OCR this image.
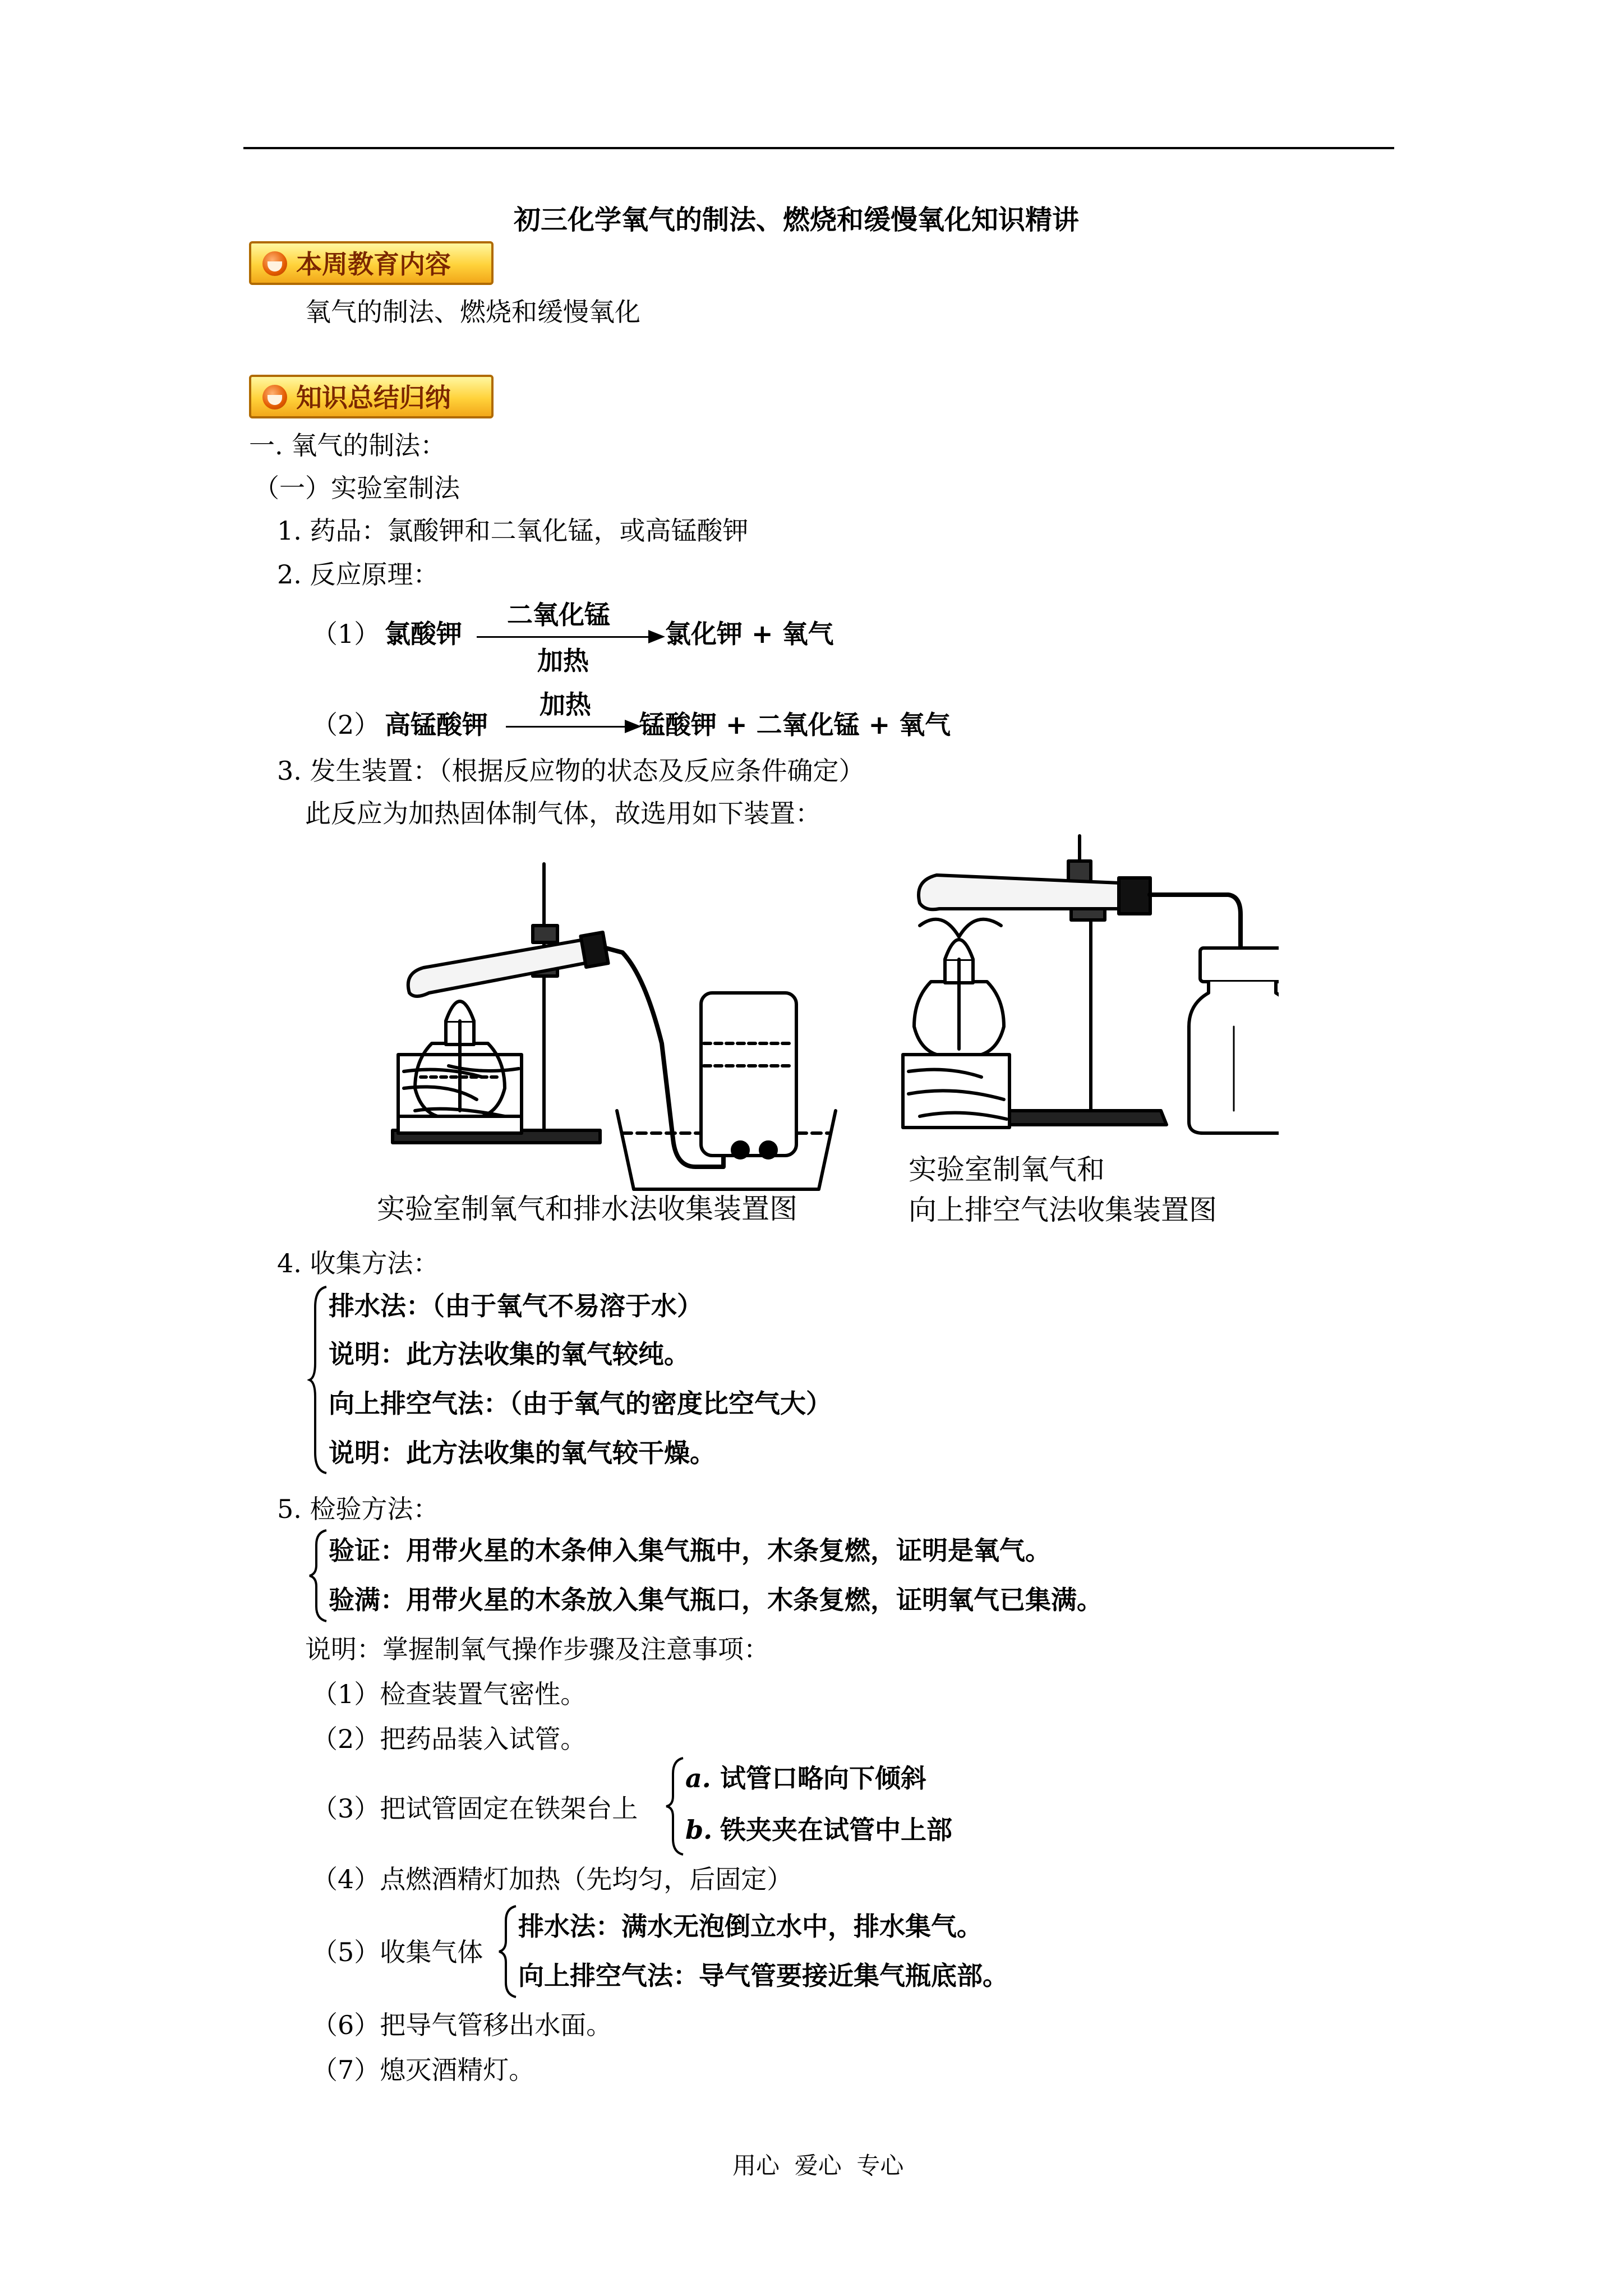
初三化学氧气的制法、燃烧和缓慢氧化知识精讲
本周教育内容
氧气的制法、燃烧和缓慢氧化
知识总结归纳
一. 氧气的制法：
（一）实验室制法
1. 药品：氯酸钾和二氧化锰，或高锰酸钾
2. 反应原理：
（1） 氯酸钾
二氧化锰
加热
氯化钾 + 氧气
（2） 高锰酸钾
加热
锰酸钾 + 二氧化锰 + 氧气
3. 发生装置：（根据反应物的状态及反应条件确定）
此反应为加热固体制气体，故选用如下装置：
实验室制氧气和排水法收集装置图
实验室制氧气和
向上排空气法收集装置图
4. 收集方法：
排水法：（由于氧气不易溶于水）
说明：此方法收集的氧气较纯。
向上排空气法：（由于氧气的密度比空气大）
说明：此方法收集的氧气较干燥。
5. 检验方法：
验证：用带火星的木条伸入集气瓶中，木条复燃，证明是氧气。
验满：用带火星的木条放入集气瓶口，木条复燃，证明氧气已集满。
说明：掌握制氧气操作步骤及注意事项：
（1）检查装置气密性。
（2）把药品装入试管。
（3）把试管固定在铁架台上
a. 试管口略向下倾斜
b. 铁夹夹在试管中上部
（4）点燃酒精灯加热（先均匀，后固定）
（5）收集气体
排水法：满水无泡倒立水中，排水集气。
向上排空气法：导气管要接近集气瓶底部。
（6）把导气管移出水面。
（7）熄灭酒精灯。
用心  爱心  专心
